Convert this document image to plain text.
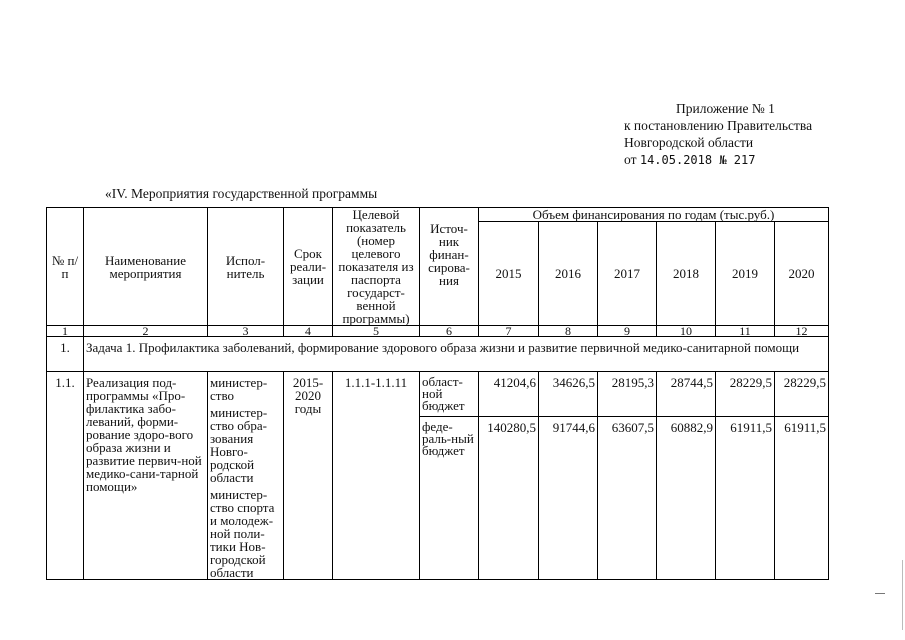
Приложение № 1
к постановлению Правительства
Новгородской области
от 14.05.2018 № 217
«IV. Мероприятия государственной программы
№ п/п	Наименование мероприятия	Испол-нитель	Срок реали-зации	Целевой показатель (номер целевого показателя из паспорта государст-венной программы)	Источ-ник финан-сирова-ния	Объем финансирования по годам (тыс.руб.)					
						2015	2016	2017	2018	2019	2020
1	2	3	4	5	6	7	8	9	10	11	12
1.	Задача 1. Профилактика заболеваний, формирование здорового образа жизни и развитие первичной медико-санитарной помощи										
1.1.	Реализация под-программы «Про-филактика забо-леваний, форми-рование здоро-вого образа жизни и развитие первич-ной медико-сани-тарной помощи»	министер-ство
министер-ство обра-зования Новго-родской области
министер-ство спорта и молодеж-ной поли-тики Нов-городской области	2015-2020 годы	1.1.1-1.1.11	област-ной бюджет	41204,6	34626,5	28195,3	28744,5	28229,5	28229,5
					феде-раль-ный бюджет	140280,5	91744,6	63607,5	60882,9	61911,5	61911,5
